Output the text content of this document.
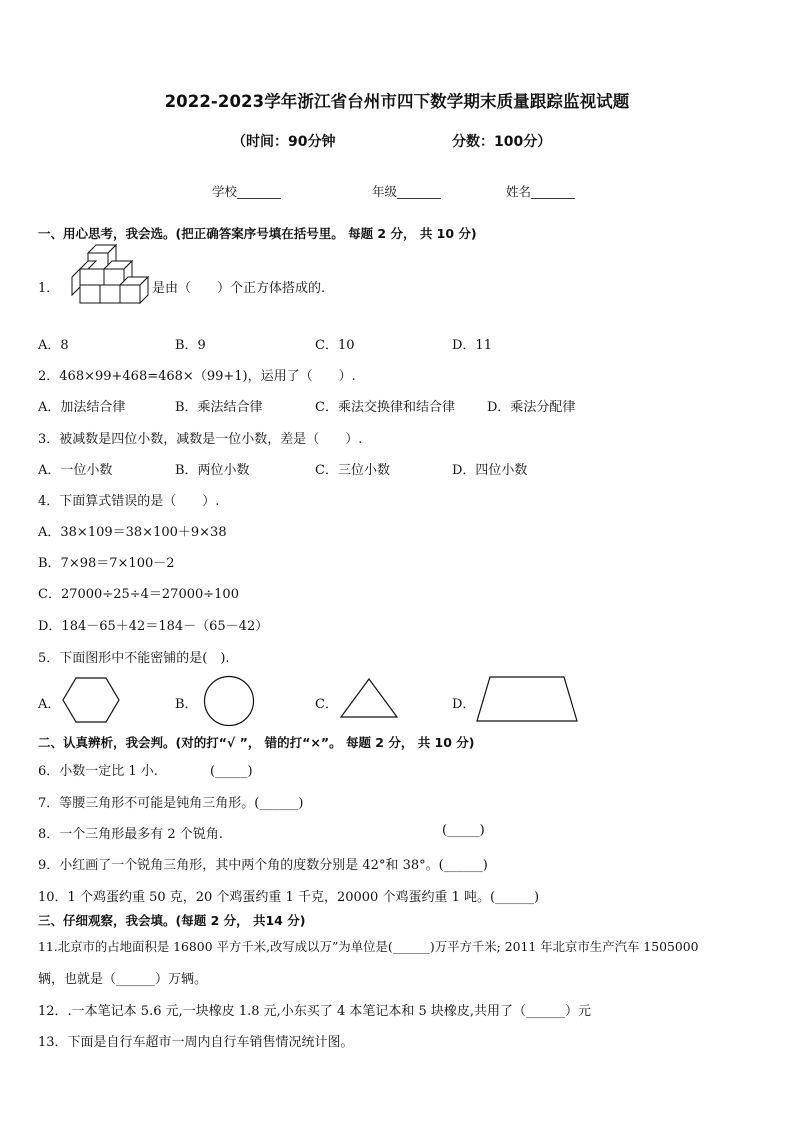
2022-2023学年浙江省台州市四下数学期末质量跟踪监视试题
（时间：90分钟	分数：100分）
学校_______	年级_______	姓名_______
一、用心思考，我会选。(把正确答案序号填在括号里。 每题 2 分， 共 10 分)
1．	是由（　　）个正方体搭成的.
A．8	B．9	C．10	D．11
2．468×99+468=468×（99+1)，运用了（　　）.
A．加法结合律	B．乘法结合律	C．乘法交换律和结合律 D．乘法分配律
3．被减数是四位小数，减数是一位小数，差是（　　）.
A．一位小数	B．两位小数	C．三位小数	D．四位小数
4．下面算式错误的是（　　）.
A．38×109＝38×100＋9×38
B．7×98＝7×100－2
C．27000÷25÷4＝27000÷100
D．184－65＋42＝184－（65－42）
5．下面图形中不能密铺的是(　).
A．	B．	C．	D．
二、认真辨析，我会判。(对的打“√ ”， 错的打“×”。 每题 2 分， 共 10 分)
6．小数一定比 1 小.　　　　(_____)
7．等腰三角形不可能是钝角三角形。(______)
8．一个三角形最多有 2 个锐角.	(_____)
9．小红画了一个锐角三角形，其中两个角的度数分别是 42°和 38°。(______)
10．1 个鸡蛋约重 50 克，20 个鸡蛋约重 1 千克，20000 个鸡蛋约重 1 吨。(______)
三、仔细观察，我会填。(每题 2 分， 共14 分)
11.北京市的占地面积是 16800 平方千米,改写成以万”为单位是(______)万平方千米; 2011 年北京市生产汽车 1505000
辆，也就是（______）万辆。
12．.一本笔记本 5.6 元,一块橡皮 1.8 元,小东买了 4 本笔记本和 5 块橡皮,共用了（______）元
13．下面是自行车超市一周内自行车销售情况统计图。
